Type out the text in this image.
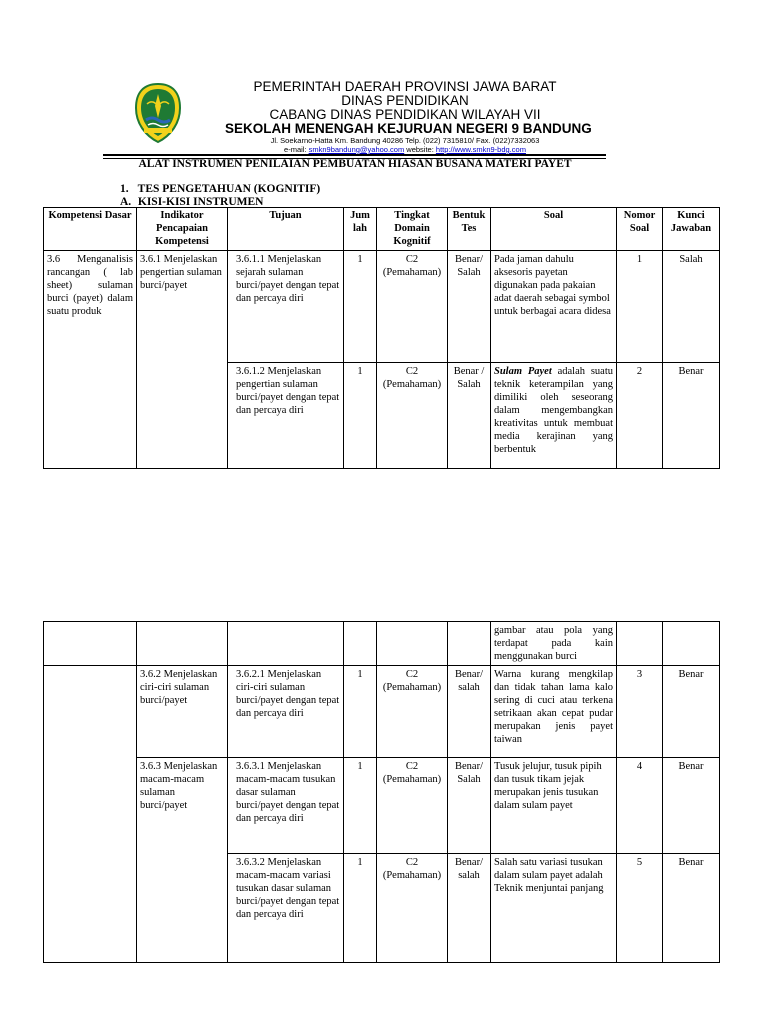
PEMERINTAH DAERAH PROVINSI JAWA BARAT
DINAS PENDIDIKAN
CABANG DINAS PENDIDIKAN WILAYAH VII
SEKOLAH MENENGAH KEJURUAN NEGERI 9 BANDUNG
Jl. Soekarno-Hatta Km. Bandung 40286 Telp. (022) 7315810/ Fax. (022)7332063
e-mail: smkn9bandung@yahoo.com website: http://www.smkn9-bdg.com
ALAT INSTRUMEN PENILAIAN PEMBUATAN HIASAN BUSANA MATERI PAYET
1. TES PENGETAHUAN (KOGNITIF)
A. KISI-KISI INSTRUMEN
Kompetensi Dasar	Indikator Pencapaian Kompetensi	Tujuan	Jum lah	Tingkat Domain Kognitif	Bentuk Tes	Soal	Nomor Soal	Kunci Jawaban
3.6 Menganalisis rancangan ( lab sheet) sulaman burci (payet) dalam suatu produk	3.6.1 Menjelaskan pengertian sulaman burci/payet	3.6.1.1 Menjelaskan sejarah sulaman burci/payet dengan tepat dan percaya diri	1	C2
(Pemahaman)	Benar/ Salah	Pada jaman dahulu aksesoris payetan digunakan pada pakaian adat daerah sebagai symbol untuk berbagai acara didesa	1	Salah
		3.6.1.2 Menjelaskan pengertian sulaman burci/payet dengan tepat dan percaya diri	1	C2
(Pemahaman)	Benar / Salah	Sulam Payet adalah suatu teknik keterampilan yang dimiliki oleh seseorang dalam mengembangkan kreativitas untuk membuat media kerajinan yang berbentuk	2	Benar
						gambar atau pola yang terdapat pada kain menggunakan burci		
	3.6.2 Menjelaskan ciri-ciri sulaman burci/payet	3.6.2.1 Menjelaskan ciri-ciri sulaman burci/payet dengan tepat dan percaya diri	1	C2
(Pemahaman)	Benar/ salah	Warna kurang mengkilap dan tidak tahan lama kalo sering di cuci atau terkena setrikaan akan cepat pudar merupakan jenis payet taiwan	3	Benar
	3.6.3 Menjelaskan macam-macam sulaman burci/payet	3.6.3.1 Menjelaskan macam-macam tusukan dasar sulaman burci/payet dengan tepat dan percaya diri	1	C2
(Pemahaman)	Benar/ Salah	Tusuk jelujur, tusuk pipih dan tusuk tikam jejak merupakan jenis tusukan dalam sulam payet	4	Benar
		3.6.3.2 Menjelaskan macam-macam variasi tusukan dasar sulaman burci/payet dengan tepat dan percaya diri	1	C2
(Pemahaman)	Benar/ salah	Salah satu variasi tusukan dalam sulam payet adalah Teknik menjuntai panjang	5	Benar
